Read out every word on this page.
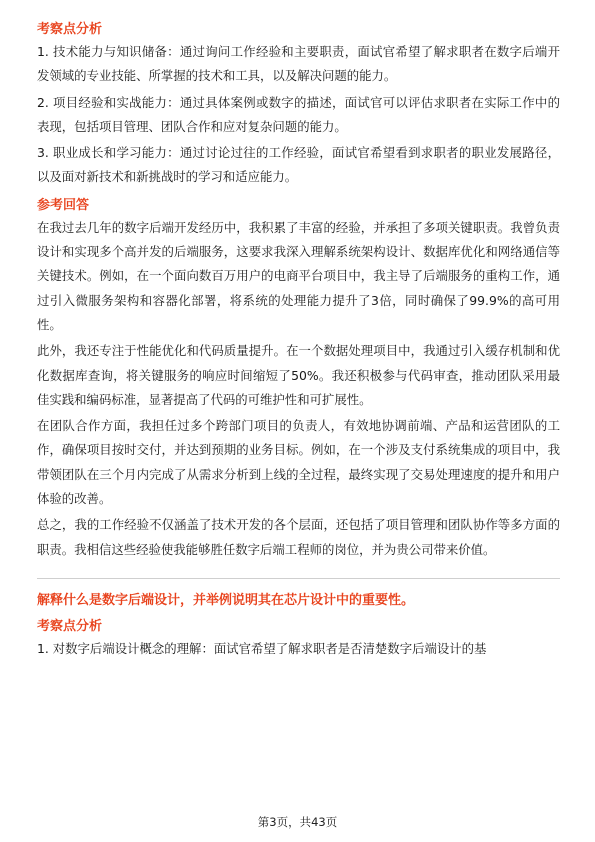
考察点分析

1. 技术能力与知识储备：通过询问工作经验和主要职责，面试官希望了解求职者在数字后端开发领域的专业技能、所掌握的技术和工具，以及解决问题的能力。

2. 项目经验和实战能力：通过具体案例或数字的描述，面试官可以评估求职者在实际工作中的表现，包括项目管理、团队合作和应对复杂问题的能力。

3. 职业成长和学习能力：通过讨论过往的工作经验，面试官希望看到求职者的职业发展路径，以及面对新技术和新挑战时的学习和适应能力。

参考回答

在我过去几年的数字后端开发经历中，我积累了丰富的经验，并承担了多项关键职责。我曾负责设计和实现多个高并发的后端服务，这要求我深入理解系统架构设计、数据库优化和网络通信等关键技术。例如，在一个面向数百万用户的电商平台项目中，我主导了后端服务的重构工作，通过引入微服务架构和容器化部署，将系统的处理能力提升了3倍，同时确保了99.9%的高可用性。

此外，我还专注于性能优化和代码质量提升。在一个数据处理项目中，我通过引入缓存机制和优化数据库查询，将关键服务的响应时间缩短了50%。我还积极参与代码审查，推动团队采用最佳实践和编码标准，显著提高了代码的可维护性和可扩展性。

在团队合作方面，我担任过多个跨部门项目的负责人，有效地协调前端、产品和运营团队的工作，确保项目按时交付，并达到预期的业务目标。例如，在一个涉及支付系统集成的项目中，我带领团队在三个月内完成了从需求分析到上线的全过程，最终实现了交易处理速度的提升和用户体验的改善。

总之，我的工作经验不仅涵盖了技术开发的各个层面，还包括了项目管理和团队协作等多方面的职责。我相信这些经验使我能够胜任数字后端工程师的岗位，并为贵公司带来价值。

解释什么是数字后端设计，并举例说明其在芯片设计中的重要性。
考察点分析

1. 对数字后端设计概念的理解：面试官希望了解求职者是否清楚数字后端设计的基

第3页，共43页
